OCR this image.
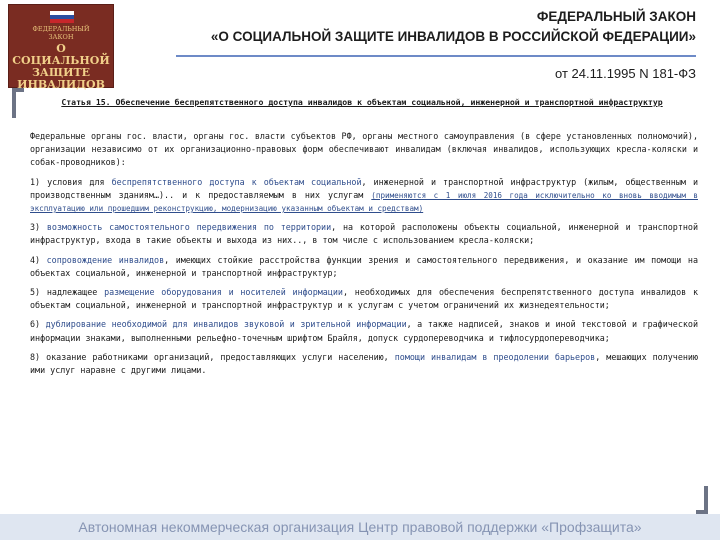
ФЕДЕРАЛЬНЫЙ
ЗАКОН
О СОЦИАЛЬНОЙ
ЗАЩИТЕ
ИНВАЛИДОВ
ФЕДЕРАЛЬНЫЙ ЗАКОН
«О СОЦИАЛЬНОЙ ЗАЩИТЕ ИНВАЛИДОВ В РОССИЙСКОЙ ФЕДЕРАЦИИ»
от 24.11.1995 N 181-ФЗ
Статья 15. Обеспечение беспрепятственного доступа инвалидов к объектам социальной, инженерной и транспортной инфраструктур

Федеральные органы гос. власти, органы гос. власти субъектов РФ, органы местного самоуправления (в сфере установленных полномочий), организации независимо от их организационно-правовых форм обеспечивают инвалидам (включая инвалидов, использующих кресла-коляски и собак-проводников):

1) условия для беспрепятственного доступа к объектам социальной, инженерной и транспортной инфраструктур (жилым, общественным и производственным зданиям…).. и к предоставляемым в них услугам (применяются с 1 июля 2016 года исключительно ко вновь вводимым в эксплуатацию или прошедшим реконструкцию, модернизацию указанным объектам и средствам)

3) возможность самостоятельного передвижения по территории, на которой расположены объекты социальной, инженерной и транспортной инфраструктур, входа в такие объекты и выхода из них.., в том числе с использованием кресла-коляски;

4) сопровождение инвалидов, имеющих стойкие расстройства функции зрения и самостоятельного передвижения, и оказание им помощи на объектах социальной, инженерной и транспортной инфраструктур;

5) надлежащее размещение оборудования и носителей информации, необходимых для обеспечения беспрепятственного доступа инвалидов к объектам социальной, инженерной и транспортной инфраструктур и к услугам с учетом ограничений их жизнедеятельности;

6) дублирование необходимой для инвалидов звуковой и зрительной информации, а также надписей, знаков и иной текстовой и графической информации знаками, выполненными рельефно-точечным шрифтом Брайля, допуск сурдопереводчика и тифлосурдопереводчика;

8) оказание работниками организаций, предоставляющих услуги населению, помощи инвалидам в преодолении барьеров, мешающих получению ими услуг наравне с другими лицами.

Автономная некоммерческая организация Центр правовой поддержки «Профзащита»
